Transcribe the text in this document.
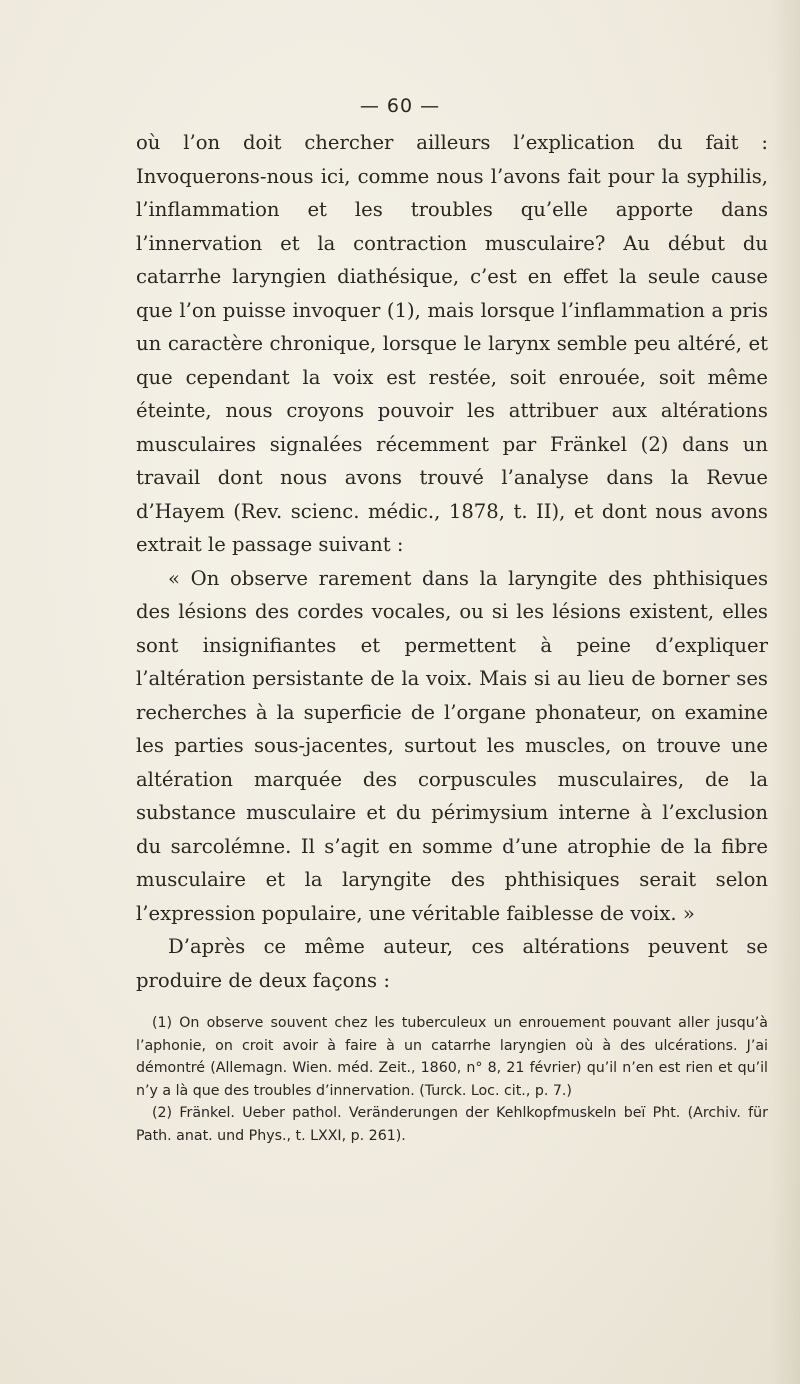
— 60 —

où l’on doit chercher ailleurs l’explication du fait : Invoquerons-nous ici, comme nous l’avons fait pour la syphilis, l’inflammation et les troubles qu’elle apporte dans l’innervation et la contraction musculaire? Au début du catarrhe laryngien diathésique, c’est en effet la seule cause que l’on puisse invoquer (1), mais lorsque l’inflammation a pris un caractère chronique, lorsque le larynx semble peu altéré, et que cependant la voix est restée, soit enrouée, soit même éteinte, nous croyons pouvoir les attribuer aux altérations musculaires signalées récemment par Fränkel (2) dans un travail dont nous avons trouvé l’analyse dans la Revue d’Hayem (Rev. scienc. médic., 1878, t. II), et dont nous avons extrait le passage suivant :

« On observe rarement dans la laryngite des phthisiques des lésions des cordes vocales, ou si les lésions existent, elles sont insignifiantes et permettent à peine d’expliquer l’altération persistante de la voix. Mais si au lieu de borner ses recherches à la superficie de l’organe phonateur, on examine les parties sous-jacentes, surtout les muscles, on trouve une altération marquée des corpuscules musculaires, de la substance musculaire et du périmysium interne à l’exclusion du sarcolémne. Il s’agit en somme d’une atrophie de la fibre musculaire et la laryngite des phthisiques serait selon l’expression populaire, une véritable faiblesse de voix. »

D’après ce même auteur, ces altérations peuvent se produire de deux façons :

(1) On observe souvent chez les tuberculeux un enrouement pouvant aller jusqu’à l’aphonie, on croit avoir à faire à un catarrhe laryngien où à des ulcérations. J’ai démontré (Allemagn. Wien. méd. Zeit., 1860, n° 8, 21 février) qu’il n’en est rien et qu’il n’y a là que des troubles d’innervation. (Turck. Loc. cit., p. 7.)

(2) Fränkel. Ueber pathol. Veränderungen der Kehlkopfmuskeln beï Pht. (Archiv. für Path. anat. und Phys., t. LXXI, p. 261).
